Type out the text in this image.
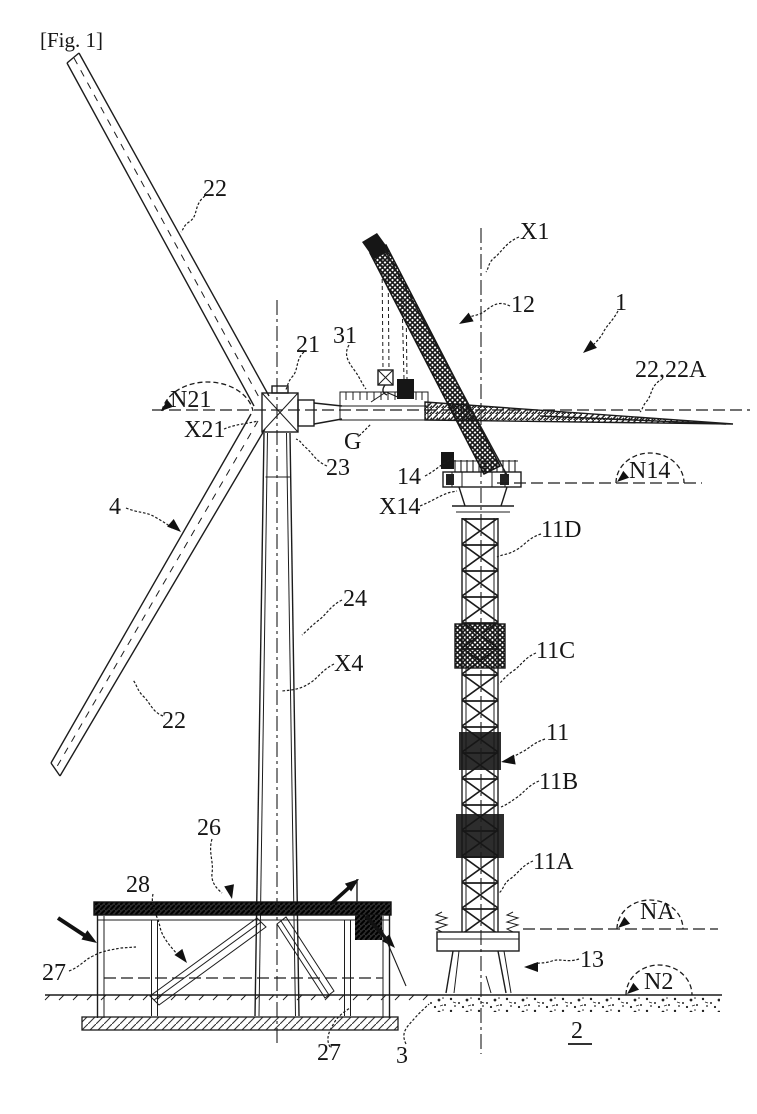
[Fig. 1]
22
X1
12	1
22,22A
21 31
N21
X21	G
23 14	N14
X14
11D
4
24
11C
X4
11
11B
22
11A
26
28
NA
13
27	N2
27 3
2
